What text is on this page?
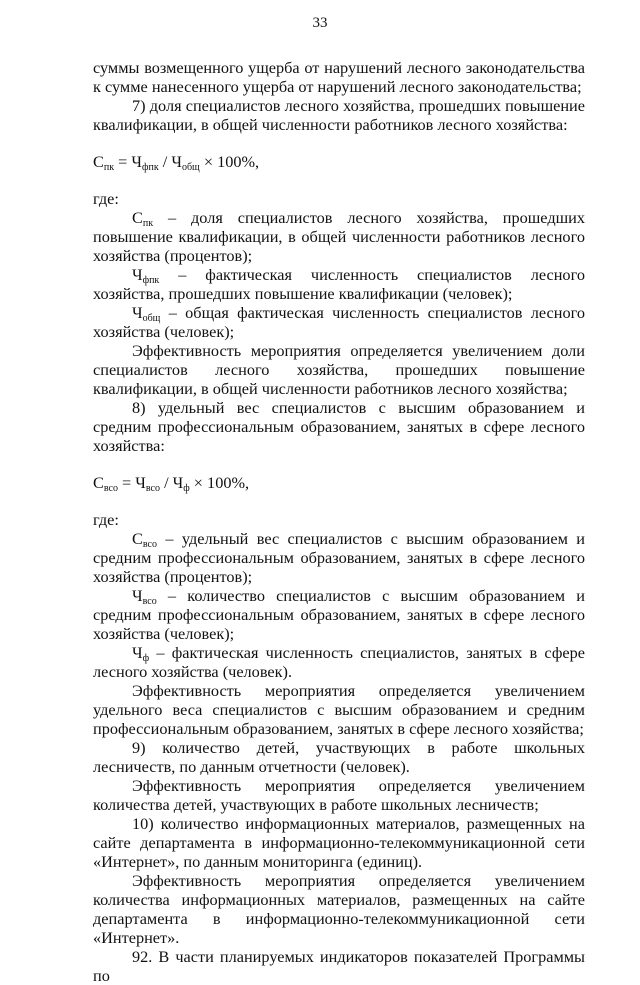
33

суммы возмещенного ущерба от нарушений лесного законодательства к сумме нанесенного ущерба от нарушений лесного законодательства;

7) доля специалистов лесного хозяйства, прошедших повышение квалификации, в общей численности работников лесного хозяйства:

$С_{пк} = Ч_{фпк} / Ч_{общ} \times 100\%$,

где:

$С_{пк}$ – доля специалистов лесного хозяйства, прошедших повышение квалификации, в общей численности работников лесного хозяйства (процентов);

$Ч_{фпк}$ – фактическая численность специалистов лесного хозяйства, прошедших повышение квалификации (человек);

$Ч_{общ}$ – общая фактическая численность специалистов лесного хозяйства (человек);

Эффективность мероприятия определяется увеличением доли специалистов лесного хозяйства, прошедших повышение квалификации, в общей численности работников лесного хозяйства;

8) удельный вес специалистов с высшим образованием и средним профессиональным образованием, занятых в сфере лесного хозяйства:

$С_{всо} = Ч_{всо} / Ч_ф \times 100\%$,

где:

$С_{всо}$ – удельный вес специалистов с высшим образованием и средним профессиональным образованием, занятых в сфере лесного хозяйства (процентов);

$Ч_{всо}$ – количество специалистов с высшим образованием и средним профессиональным образованием, занятых в сфере лесного хозяйства (человек);

$Ч_ф$ – фактическая численность специалистов, занятых в сфере лесного хозяйства (человек).

Эффективность мероприятия определяется увеличением удельного веса специалистов с высшим образованием и средним профессиональным образованием, занятых в сфере лесного хозяйства;

9) количество детей, участвующих в работе школьных лесничеств, по данным отчетности (человек).

Эффективность мероприятия определяется увеличением количества детей, участвующих в работе школьных лесничеств;

10) количество информационных материалов, размещенных на сайте департамента в информационно-телекоммуникационной сети «Интернет», по данным мониторинга (единиц).

Эффективность мероприятия определяется увеличением количества информационных материалов, размещенных на сайте департамента в информационно-телекоммуникационной сети «Интернет».

92. В части планируемых индикаторов показателей Программы по
